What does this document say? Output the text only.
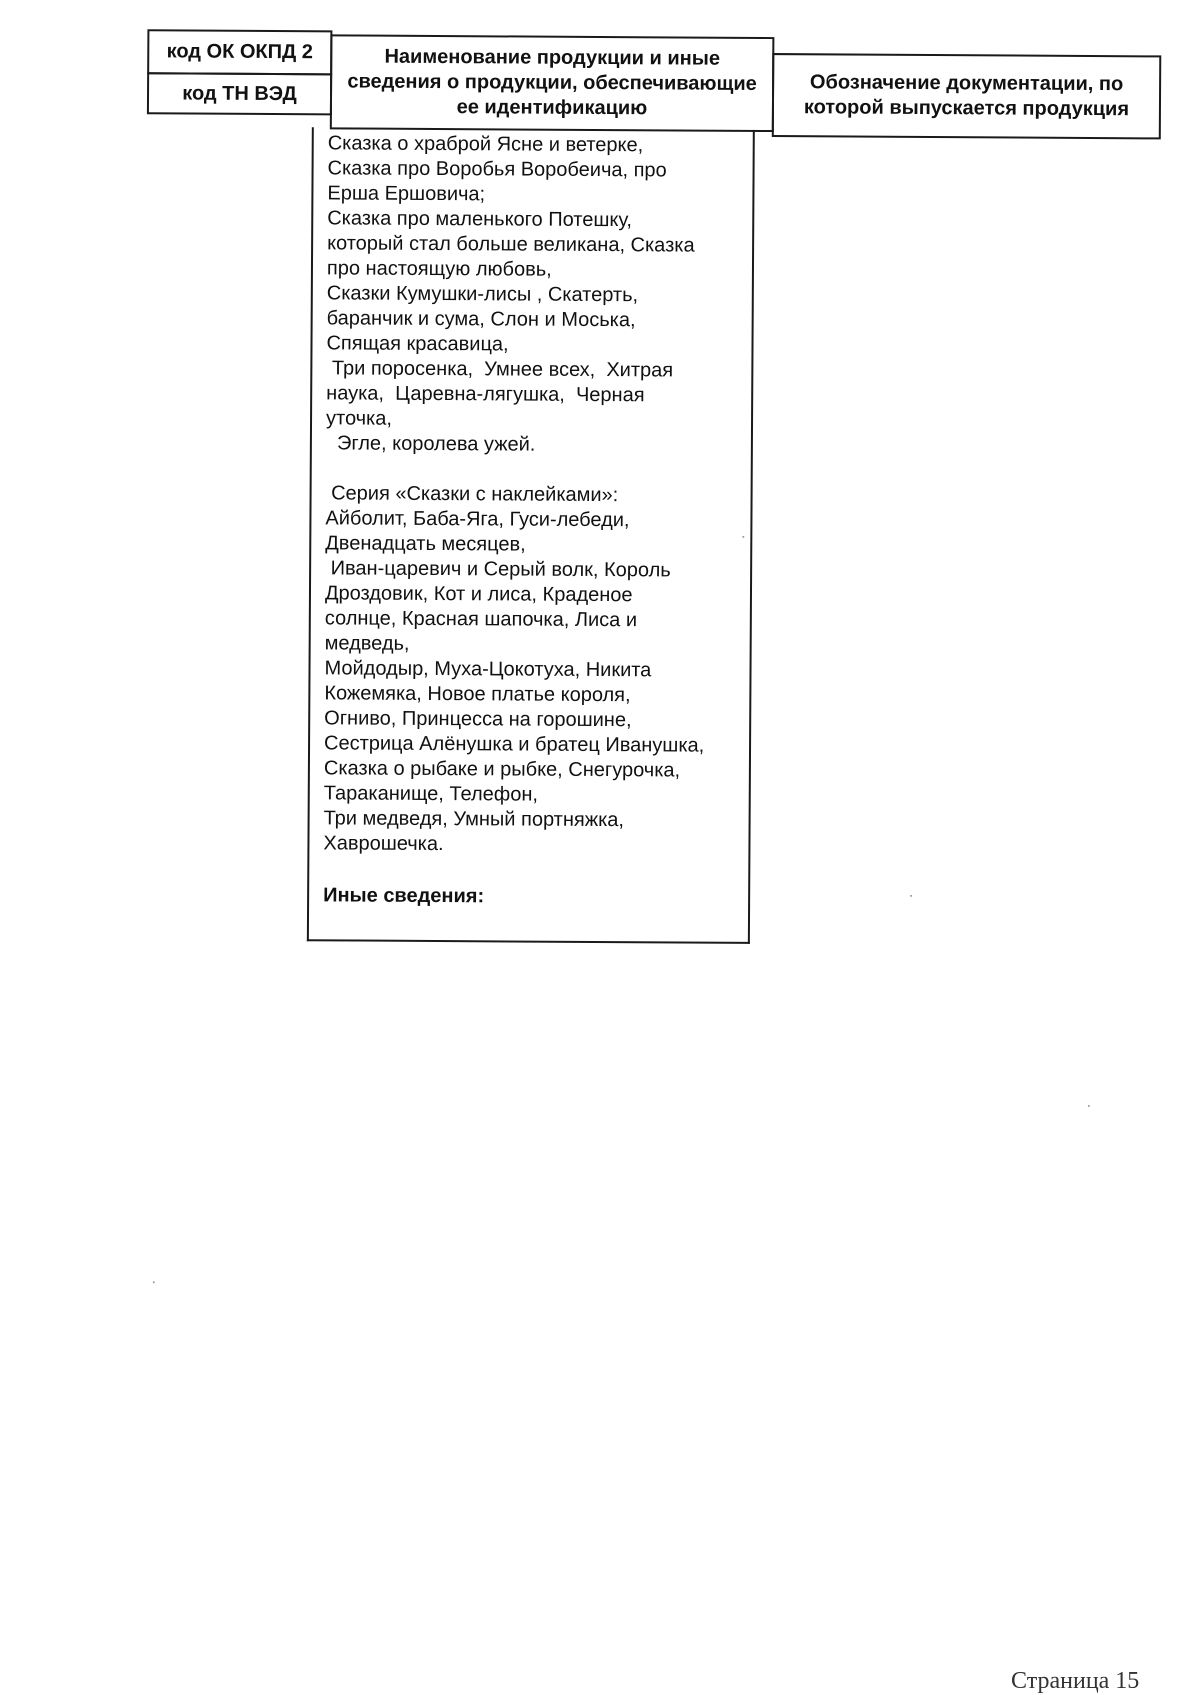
код ОК ОКПД 2
код ТН ВЭД
Наименование продукции и иные сведения о продукции, обеспечивающие ее идентификацию
Обозначение документации, по которой выпускается продукция
Сказка о храброй Ясне и ветерке,
Сказка про Воробья Воробеича, про
Ерша Ершовича;
Сказка про маленького Потешку,
который стал больше великана, Сказка
про настоящую любовь,
Сказки Кумушки-лисы , Скатерть,
баранчик и сума, Слон и Моська,
Спящая красавица,
Три поросенка,  Умнее всех,  Хитрая
наука,  Царевна-лягушка,  Черная
уточка,
Эгле, королева ужей.
Серия «Сказки с наклейками»:
Айболит, Баба-Яга, Гуси-лебеди,
Двенадцать месяцев,
Иван-царевич и Серый волк, Король
Дроздовик, Кот и лиса, Краденое
солнце, Красная шапочка, Лиса и
медведь,
Мойдодыр, Муха-Цокотуха, Никита
Кожемяка, Новое платье короля,
Огниво, Принцесса на горошине,
Сестрица Алёнушка и братец Иванушка,
Сказка о рыбаке и рыбке, Снегурочка,
Тараканище, Телефон,
Три медведя, Умный портняжка,
Хаврошечка.
Иные сведения:
Страница 15
